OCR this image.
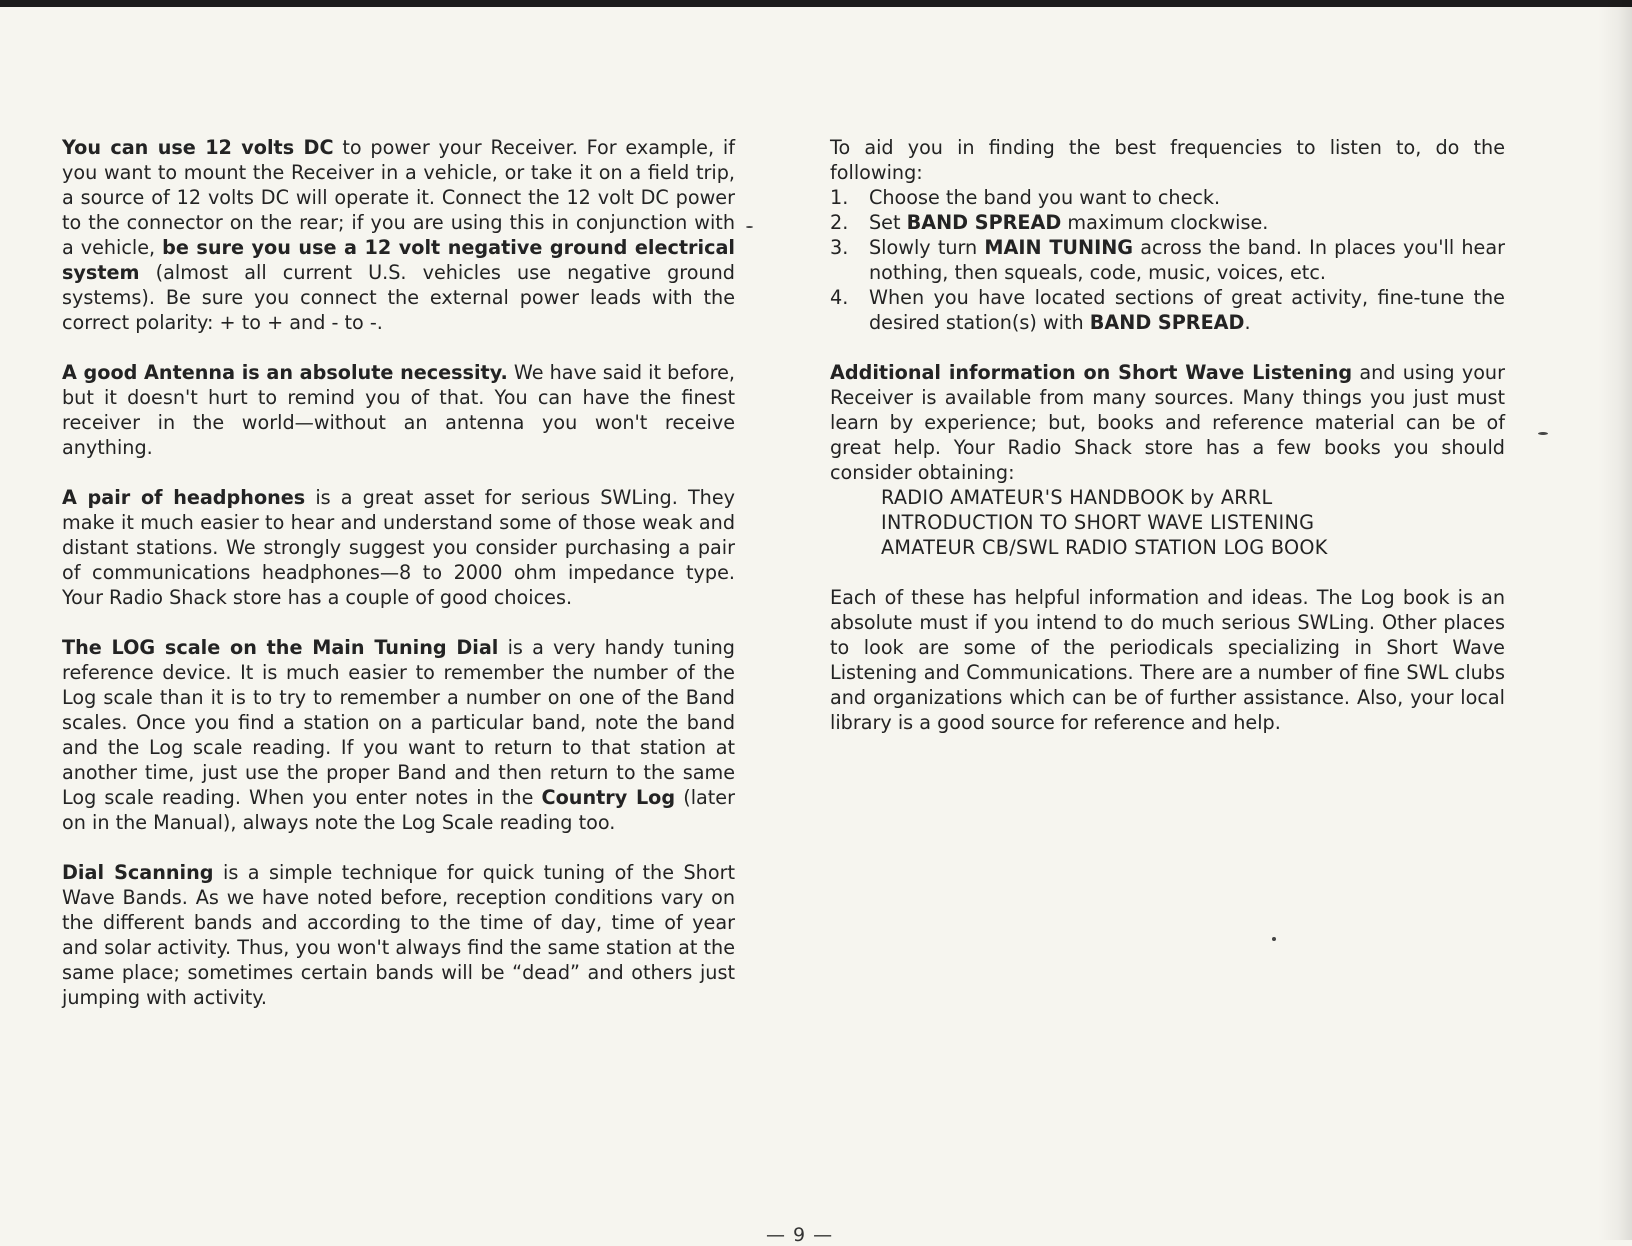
You can use 12 volts DC to power your Receiver. For example, if you want to mount the Receiver in a vehicle, or take it on a field trip, a source of 12 volts DC will operate it. Connect the 12 volt DC power to the connector on the rear; if you are using this in conjunction with a vehicle, be sure you use a 12 volt negative ground electrical system (almost all current U.S. vehicles use negative ground systems). Be sure you connect the external power leads with the correct polarity: + to + and - to -.

A good Antenna is an absolute necessity. We have said it before, but it doesn't hurt to remind you of that. You can have the finest receiver in the world—without an antenna you won't receive anything.

A pair of headphones is a great asset for serious SWLing. They make it much easier to hear and understand some of those weak and distant stations. We strongly suggest you consider purchasing a pair of communications headphones—8 to 2000 ohm impedance type. Your Radio Shack store has a couple of good choices.

The LOG scale on the Main Tuning Dial is a very handy tuning reference device. It is much easier to remember the number of the Log scale than it is to try to remember a number on one of the Band scales. Once you find a station on a particular band, note the band and the Log scale reading. If you want to return to that station at another time, just use the proper Band and then return to the same Log scale reading. When you enter notes in the Country Log (later on in the Manual), always note the Log Scale reading too.

Dial Scanning is a simple technique for quick tuning of the Short Wave Bands. As we have noted before, reception conditions vary on the different bands and according to the time of day, time of year and solar activity. Thus, you won't always find the same station at the same place; sometimes certain bands will be “dead” and others just jumping with activity.

To aid you in finding the best frequencies to listen to, do the following:
1. Choose the band you want to check.
2. Set BAND SPREAD maximum clockwise.
3. Slowly turn MAIN TUNING across the band. In places you'll hear nothing, then squeals, code, music, voices, etc.
4. When you have located sections of great activity, fine-tune the desired station(s) with BAND SPREAD.
Additional information on Short Wave Listening and using your Receiver is available from many sources. Many things you just must learn by experience; but, books and reference material can be of great help. Your Radio Shack store has a few books you should consider obtaining:
RADIO AMATEUR'S HANDBOOK by ARRL
INTRODUCTION TO SHORT WAVE LISTENING
AMATEUR CB/SWL RADIO STATION LOG BOOK

Each of these has helpful information and ideas. The Log book is an absolute must if you intend to do much serious SWLing. Other places to look are some of the periodicals specializing in Short Wave Listening and Communications. There are a number of fine SWL clubs and organizations which can be of further assistance. Also, your local library is a good source for reference and help.

— 9 —
